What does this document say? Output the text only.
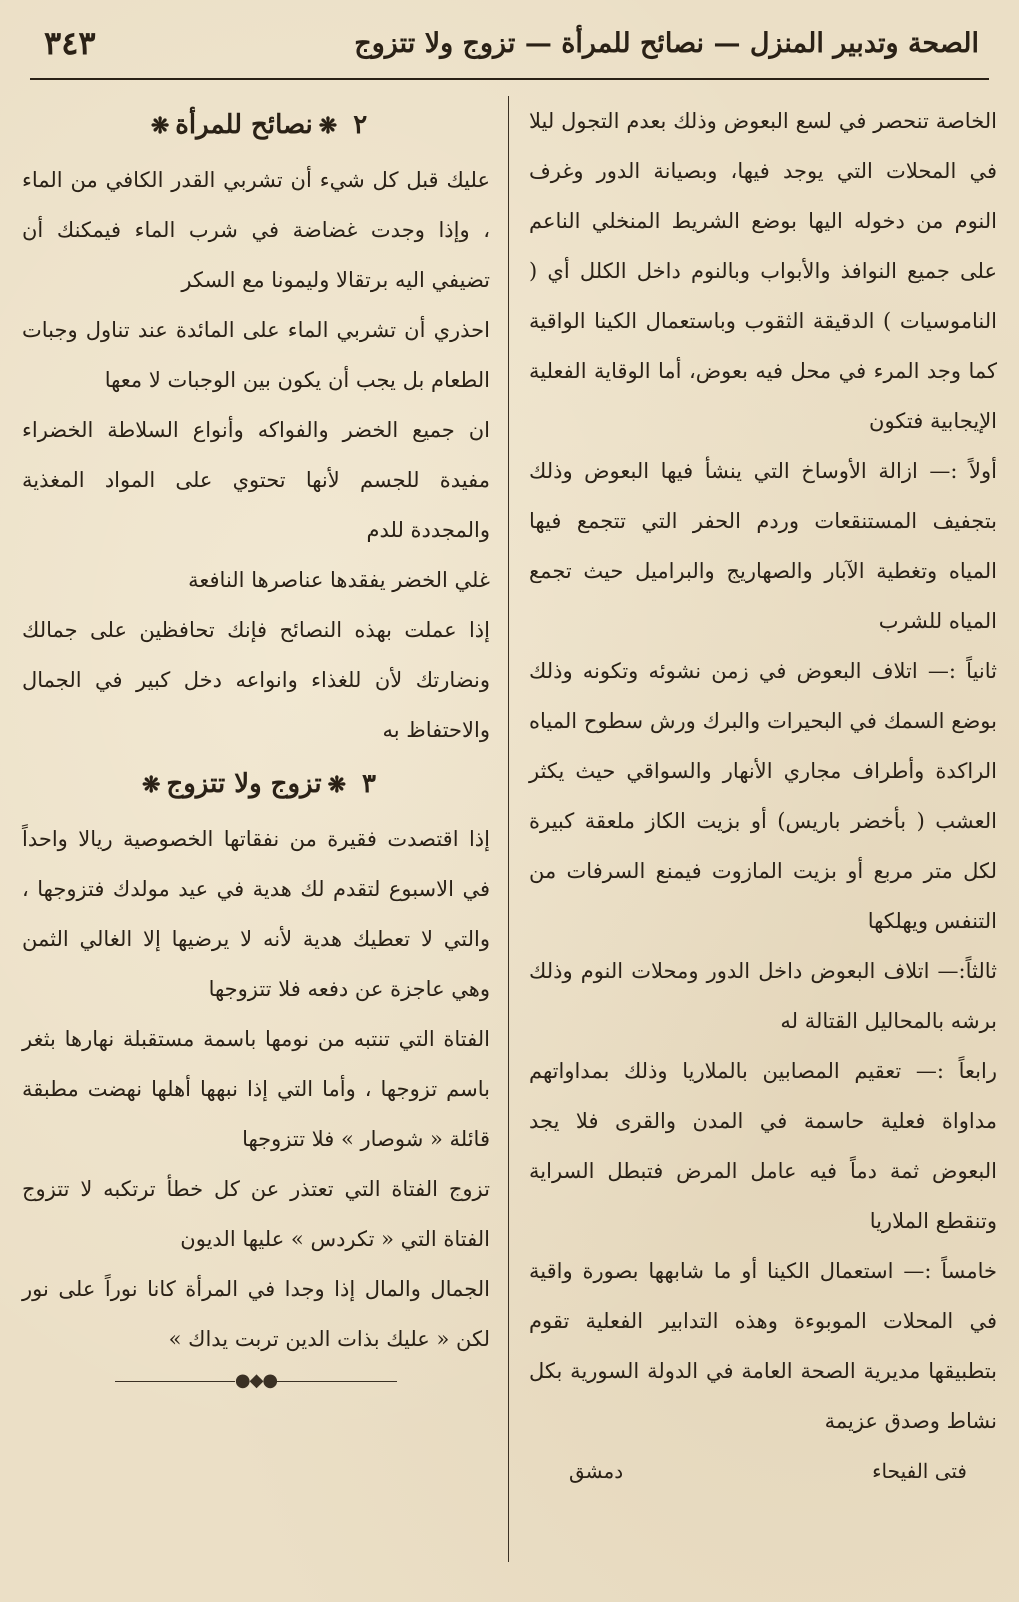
الصحة وتدبير المنزل — نصائح للمرأة — تزوج ولا تتزوج
٣٤٣

الخاصة تنحصر في لسع البعوض وذلك بعدم التجول ليلا في المحلات التي يوجد فيها، وبصيانة الدور وغرف النوم من دخوله اليها بوضع الشريط المنخلي الناعم على جميع النوافذ والأبواب وبالنوم داخل الكلل أي ( الناموسيات ) الدقيقة الثقوب وباستعمال الكينا الواقية كما وجد المرء في محل فيه بعوض، أما الوقاية الفعلية الإيجابية فتكون

أولاً :— ازالة الأوساخ التي ينشأ فيها البعوض وذلك بتجفيف المستنقعات وردم الحفر التي تتجمع فيها المياه وتغطية الآبار والصهاريج والبراميل حيث تجمع المياه للشرب

ثانياً :— اتلاف البعوض في زمن نشوئه وتكونه وذلك بوضع السمك في البحيرات والبرك ورش سطوح المياه الراكدة وأطراف مجاري الأنهار والسواقي حيث يكثر العشب ( بأخضر باريس) أو بزيت الكاز ملعقة كبيرة لكل متر مربع أو بزيت المازوت فيمنع السرفات من التنفس ويهلكها

ثالثاً:— اتلاف البعوض داخل الدور ومحلات النوم وذلك برشه بالمحاليل القتالة له

رابعاً :— تعقيم المصابين بالملاريا وذلك بمداواتهم مداواة فعلية حاسمة في المدن والقرى فلا يجد البعوض ثمة دماً فيه عامل المرض فتبطل السراية وتنقطع الملاريا

خامساً :— استعمال الكينا أو ما شابهها بصورة واقية في المحلات الموبوءة وهذه التدابير الفعلية تقوم بتطبيقها مديرية الصحة العامة في الدولة السورية بكل نشاط وصدق عزيمة

فتى الفيحاء
دمشق
٢❋نصائح للمرأة❋

عليك قبل كل شيء أن تشربي القدر الكافي من الماء ، وإذا وجدت غضاضة في شرب الماء فيمكنك أن تضيفي اليه برتقالا وليمونا مع السكر

احذري أن تشربي الماء على المائدة عند تناول وجبات الطعام بل يجب أن يكون بين الوجبات لا معها

ان جميع الخضر والفواكه وأنواع السلاطة الخضراء مفيدة للجسم لأنها تحتوي على المواد المغذية والمجددة للدم

غلي الخضر يفقدها عناصرها النافعة

إذا عملت بهذه النصائح فإنك تحافظين على جمالك ونضارتك لأن للغذاء وانواعه دخل كبير في الجمال والاحتفاظ به

٣❋تزوج ولا تتزوج❋

إذا اقتصدت فقيرة من نفقاتها الخصوصية ريالا واحداً في الاسبوع لتقدم لك هدية في عيد مولدك فتزوجها ، والتي لا تعطيك هدية لأنه لا يرضيها إلا الغالي الثمن وهي عاجزة عن دفعه فلا تتزوجها

الفتاة التي تنتبه من نومها باسمة مستقبلة نهارها بثغر باسم تزوجها ، وأما التي إذا نبهها أهلها نهضت مطبقة قائلة « شوصار » فلا تتزوجها

تزوج الفتاة التي تعتذر عن كل خطأ ترتكبه لا تتزوج الفتاة التي « تكردس » عليها الديون

الجمال والمال إذا وجدا في المرأة كانا نوراً على نور لكن « عليك بذات الدين تربت يداك »

●◆●
